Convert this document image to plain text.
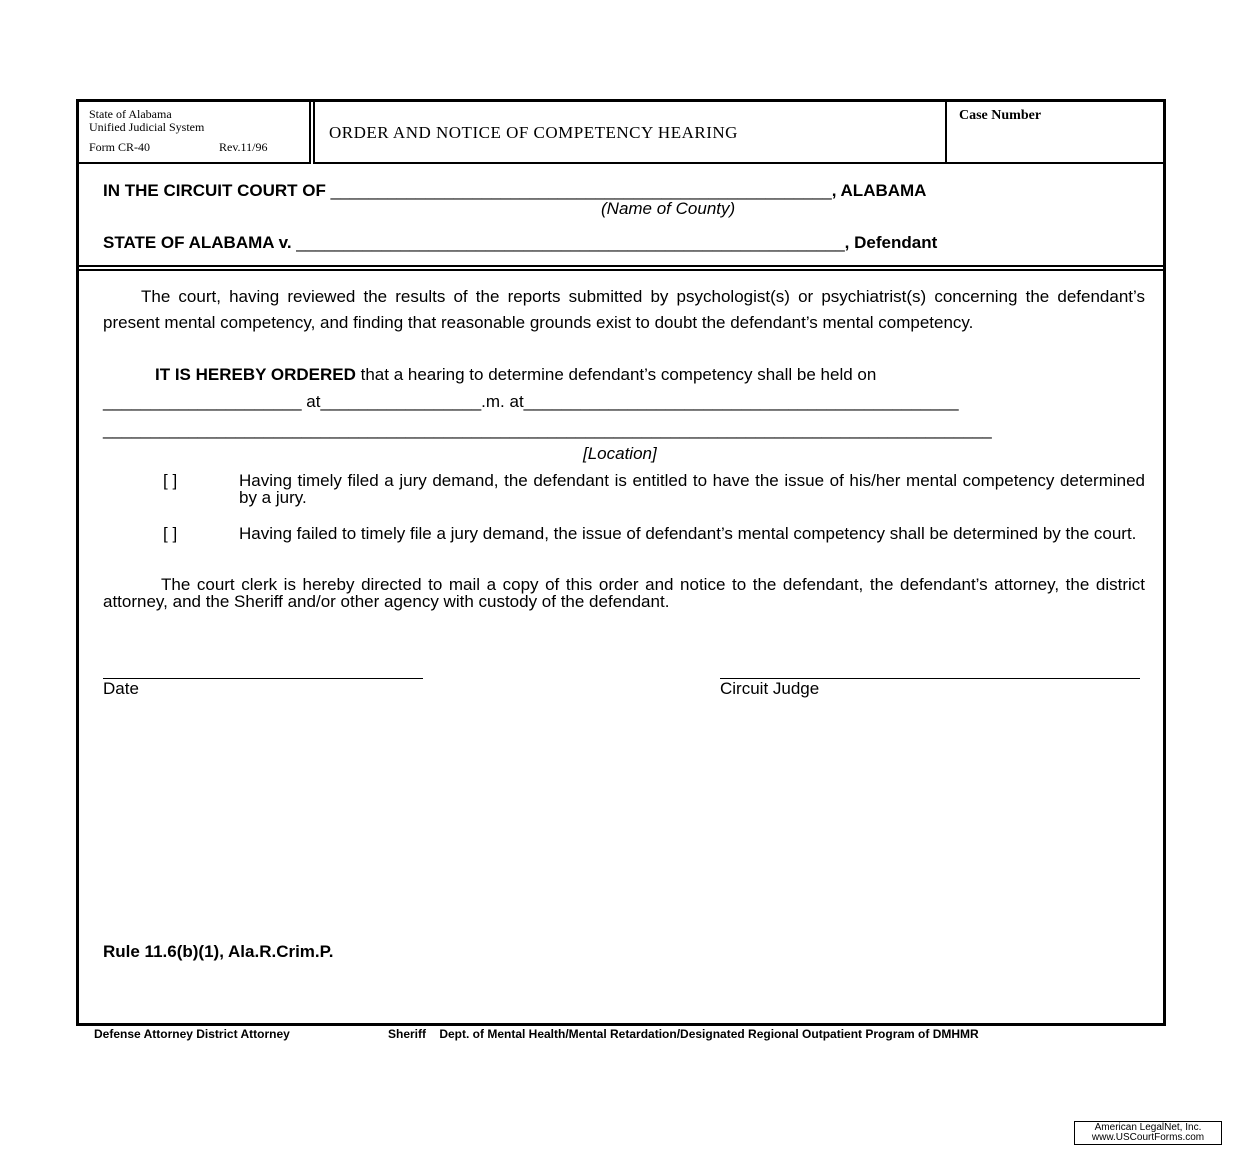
State of Alabama
Unified Judicial System
Form CR-40	Rev.11/96
ORDER AND NOTICE OF COMPETENCY HEARING
Case Number
IN THE CIRCUIT COURT OF _____________________________________________________, ALABAMA
(Name of County)
STATE OF ALABAMA v. __________________________________________________________, Defendant
The court, having reviewed the results of the reports submitted by psychologist(s) or psychiatrist(s) concerning the defendant’s present mental competency, and finding that reasonable grounds exist to doubt the defendant’s mental competency.
IT IS HEREBY ORDERED that a hearing to determine defendant’s competency shall be held on
_____________________ at_________________.m. at______________________________________________
______________________________________________________________________________________________
[Location]
[ ]	Having timely filed a jury demand, the defendant is entitled to have the issue of his/her mental competency determined by a jury.
[ ]	Having failed to timely file a jury demand, the issue of defendant’s mental competency shall be determined by the court.
The court clerk is hereby directed to mail a copy of this order and notice to the defendant, the defendant’s attorney, the district attorney, and the Sheriff and/or other agency with custody of the defendant.
Date	Circuit Judge
Rule 11.6(b)(1), Ala.R.Crim.P.
Defense Attorney District Attorney	Sheriff    Dept. of Mental Health/Mental Retardation/Designated Regional Outpatient Program of DMHMR
American LegalNet, Inc.
www.USCourtForms.com
